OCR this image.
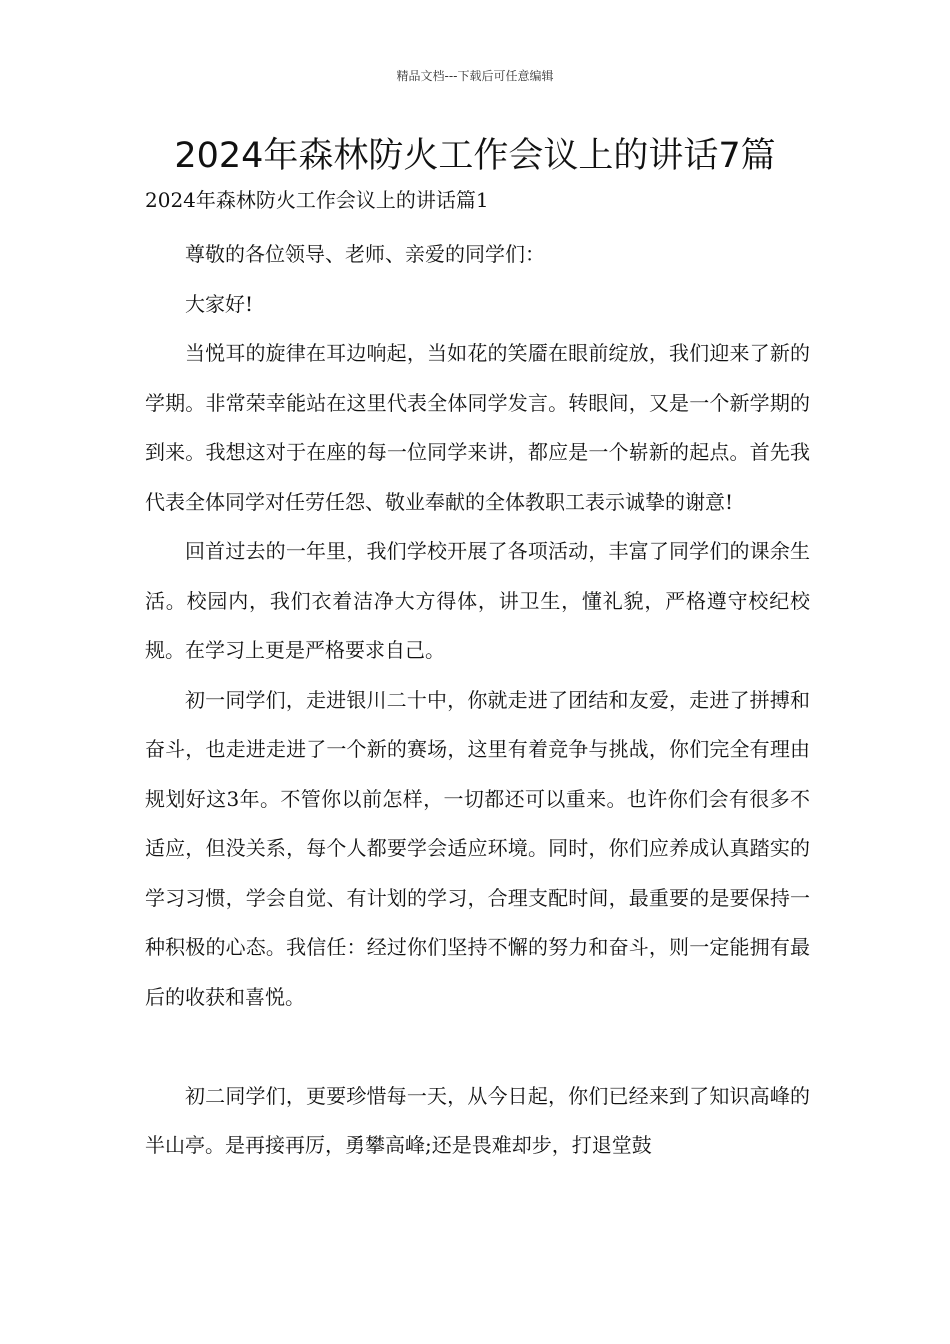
精品文档---下载后可任意编辑
2024年森林防火工作会议上的讲话7篇
2024年森林防火工作会议上的讲话篇1

尊敬的各位领导、老师、亲爱的同学们：

大家好!

当悦耳的旋律在耳边响起，当如花的笑靥在眼前绽放，我们迎来了新的学期。非常荣幸能站在这里代表全体同学发言。转眼间，又是一个新学期的到来。我想这对于在座的每一位同学来讲，都应是一个崭新的起点。首先我代表全体同学对任劳任怨、敬业奉献的全体教职工表示诚挚的谢意!

回首过去的一年里，我们学校开展了各项活动，丰富了同学们的课余生活。校园内，我们衣着洁净大方得体，讲卫生，懂礼貌，严格遵守校纪校规。在学习上更是严格要求自己。

初一同学们，走进银川二十中，你就走进了团结和友爱，走进了拼搏和奋斗，也走进走进了一个新的赛场，这里有着竞争与挑战，你们完全有理由规划好这3年。不管你以前怎样，一切都还可以重来。也许你们会有很多不适应，但没关系，每个人都要学会适应环境。同时，你们应养成认真踏实的学习习惯，学会自觉、有计划的学习，合理支配时间，最重要的是要保持一种积极的心态。我信任：经过你们坚持不懈的努力和奋斗，则一定能拥有最后的收获和喜悦。

初二同学们，更要珍惜每一天，从今日起，你们已经来到了知识高峰的半山亭。是再接再厉，勇攀高峰;还是畏难却步，打退堂鼓
